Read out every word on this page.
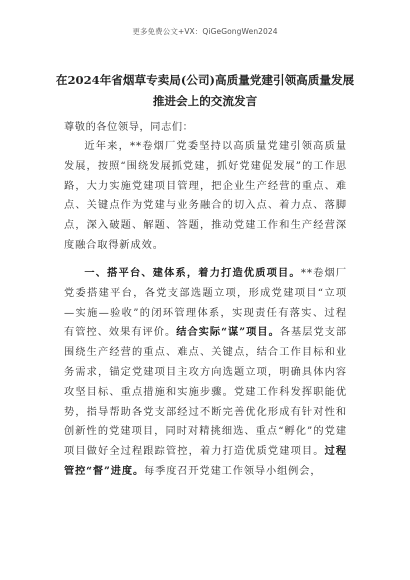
更多免费公文+VX：QiGeGongWen2024
在2024年省烟草专卖局(公司)高质量党建引领高质量发展
推进会上的交流发言
尊敬的各位领导，同志们：
近年来，**卷烟厂党委坚持以高质量党建引领高质量发展，按照“围绕发展抓党建，抓好党建促发展”的工作思路，大力实施党建项目管理，把企业生产经营的重点、难点、关键点作为党建与业务融合的切入点、着力点、落脚点，深入破题、解题、答题，推动党建工作和生产经营深度融合取得新成效。
一、搭平台、建体系，着力打造优质项目。**卷烟厂党委搭建平台，各党支部选题立项，形成党建项目“立项—实施—验收”的闭环管理体系，实现责任有落实、过程有管控、效果有评价。结合实际“谋”项目。各基层党支部围绕生产经营的重点、难点、关键点，结合工作目标和业务需求，锚定党建项目主攻方向选题立项，明确具体内容攻坚目标、重点措施和实施步骤。党建工作科发挥职能优势，指导帮助各党支部经过不断完善优化形成有针对性和创新性的党建项目，同时对精挑细选、重点“孵化”的党建项目做好全过程跟踪管控，着力打造优质党建项目。过程管控“督”进度。每季度召开党建工作领导小组例会，
